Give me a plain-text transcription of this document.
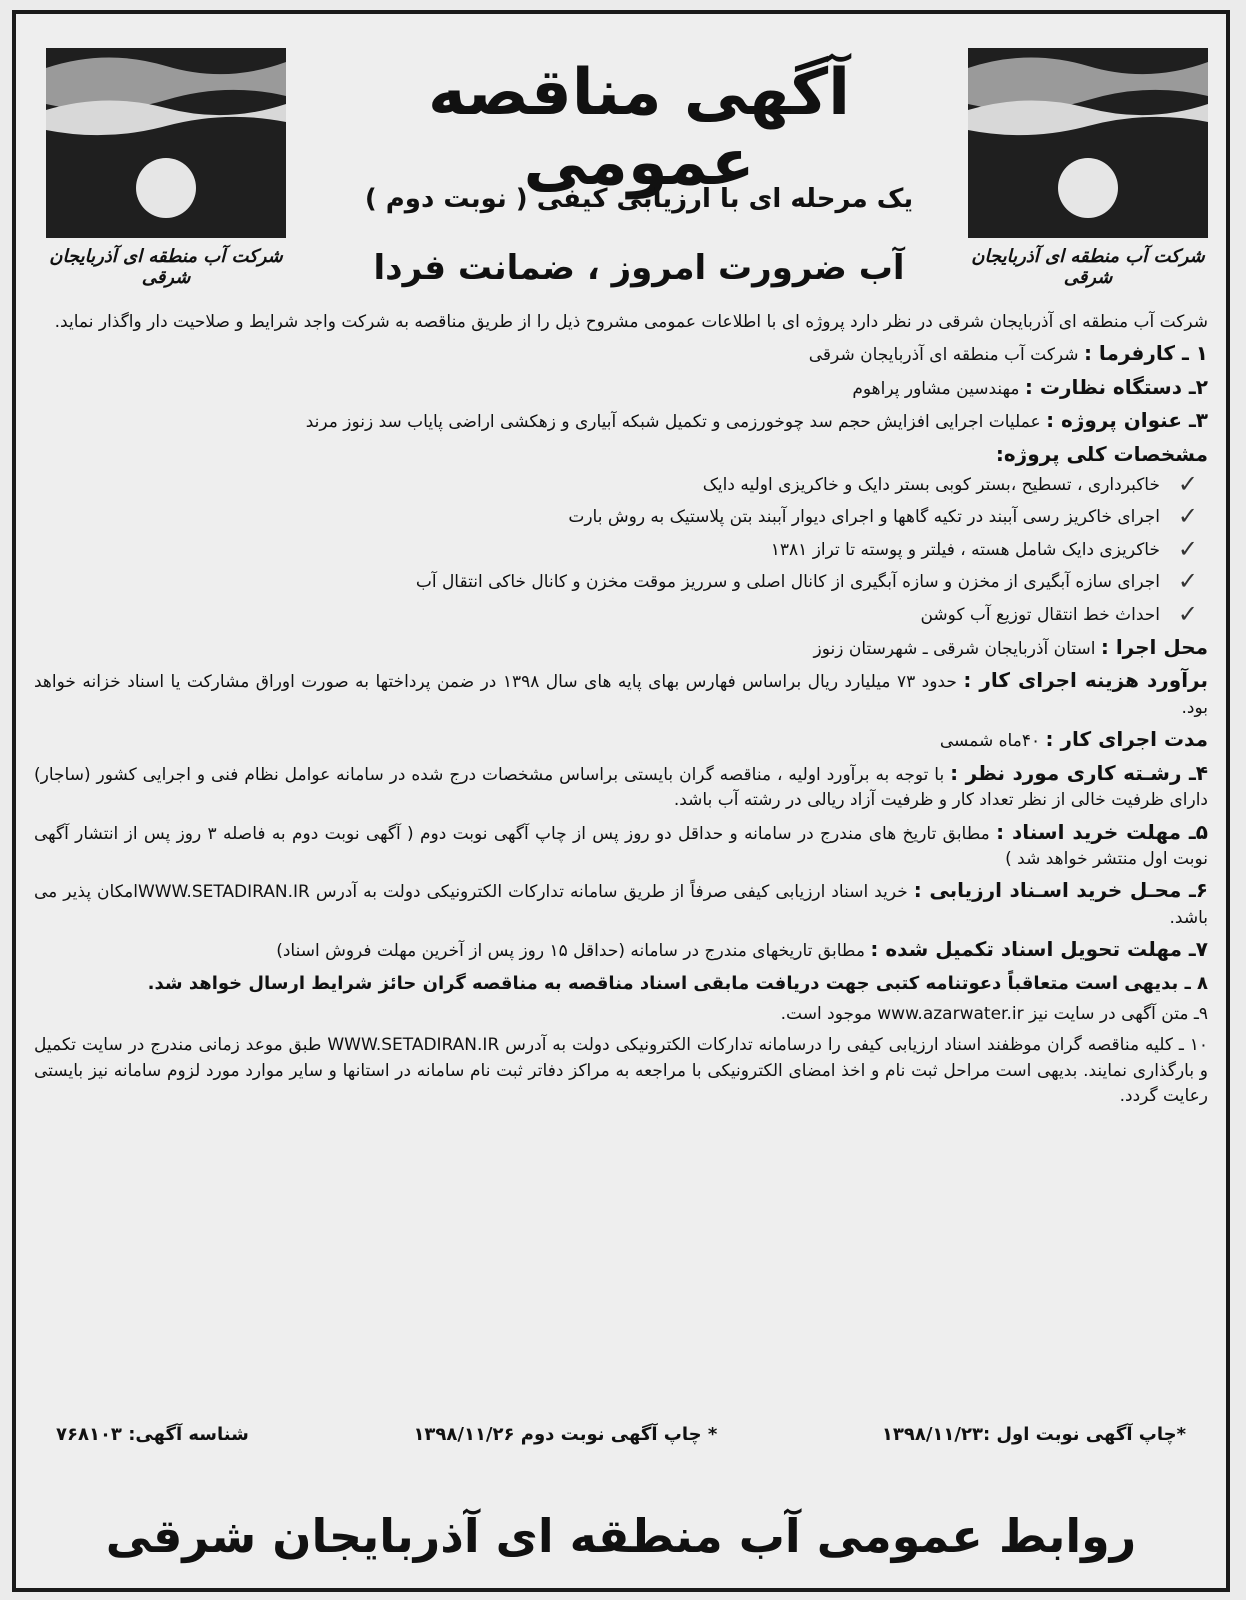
شرکت آب منطقه ای آذربایجان شرقی
شرکت آب منطقه ای آذربایجان شرقی
آگهی مناقصه عمومی
یک مرحله ای با ارزیابی کیفی ( نوبت دوم )
آب ضرورت امروز ، ضمانت فردا

شرکت آب منطقه ای آذربایجان شرقی در نظر دارد پروژه ای با اطلاعات عمومی مشروح ذیل را از طریق مناقصه به شرکت واجد شرایط و صلاحیت دار واگذار نماید.

۱ ـ کارفرما : شرکت آب منطقه ای آذربایجان شرقی

۲ـ دستگاه نظارت : مهندسین مشاور پراهوم

۳ـ عنوان پروژه : عملیات اجرایی افزایش حجم سد چوخورزمی و تکمیل شبکه آبیاری و زهکشی اراضی پایاب سد زنوز مرند

مشخصات کلی پروژه:

✓
خاکبرداری ، تسطیح ،بستر کوبی بستر دایک و خاکریزی اولیه دایک
✓
اجرای خاکریز رسی آببند در تکیه گاهها و اجرای دیوار آببند بتن پلاستیک به روش بارت
✓
خاکریزی دایک شامل هسته ، فیلتر و پوسته تا تراز ۱۳۸۱
✓
اجرای سازه آبگیری از مخزن و سازه آبگیری از کانال اصلی و سرریز موقت مخزن و کانال خاکی انتقال آب
✓
احداث خط انتقال توزیع آب کوشن

محل اجرا : استان آذربایجان شرقی ـ شهرستان زنوز

برآورد هزینه اجرای کار : حدود ۷۳ میلیارد ریال براساس فهارس بهای پایه های سال ۱۳۹۸ در ضمن پرداختها به صورت اوراق مشارکت یا اسناد خزانه خواهد بود.

مدت اجرای کار : ۴۰ماه شمسی

۴ـ رشـته کاری مورد نظر : با توجه به برآورد اولیه ، مناقصه گران بایستی براساس مشخصات درج شده در سامانه عوامل نظام فنی و اجرایی کشور (ساجار) دارای ظرفیت خالی از نظر تعداد کار و ظرفیت آزاد ریالی در رشته آب باشد.

۵ـ مهلت خرید اسناد : مطابق تاریخ های مندرج در سامانه و حداقل دو روز پس از چاپ آگهی نوبت دوم ( آگهی نوبت دوم به فاصله ۳ روز پس از انتشار آگهی نوبت اول منتشر خواهد شد )

۶ـ محـل خرید اسـناد ارزیابی : خرید اسناد ارزیابی کیفی صرفاً از طریق سامانه تدارکات الکترونیکی دولت به آدرس WWW.SETADIRAN.IRامکان پذیر می باشد.

۷ـ مهلت تحویل اسناد تکمیل شده : مطابق تاریخهای مندرج در سامانه (حداقل ۱۵ روز پس از آخرین مهلت فروش اسناد)

۸ ـ بدیهی است متعاقباً دعوتنامه کتبی جهت دریافت مابقی اسناد مناقصه به مناقصه گران حائز شرایط ارسال خواهد شد.

۹ـ متن آگهی در سایت نیز www.azarwater.ir موجود است.

۱۰ ـ کلیه مناقصه گران موظفند اسناد ارزیابی کیفی را درسامانه تدارکات الکترونیکی دولت به آدرس WWW.SETADIRAN.IR طبق موعد زمانی مندرج در سایت تکمیل و بارگذاری نمایند. بدیهی است مراحل ثبت نام و اخذ امضای الکترونیکی با مراجعه به مراکز دفاتر ثبت نام سامانه در استانها و سایر موارد مورد لزوم سامانه نیز بایستی رعایت گردد.

*چاپ آگهی نوبت اول :۱۳۹۸/۱۱/۲۳
* چاپ آگهی نوبت دوم ۱۳۹۸/۱۱/۲۶
شناسه آگهی: ۷۶۸۱۰۳
روابط عمومی آب منطقه ای آذربایجان شرقی
